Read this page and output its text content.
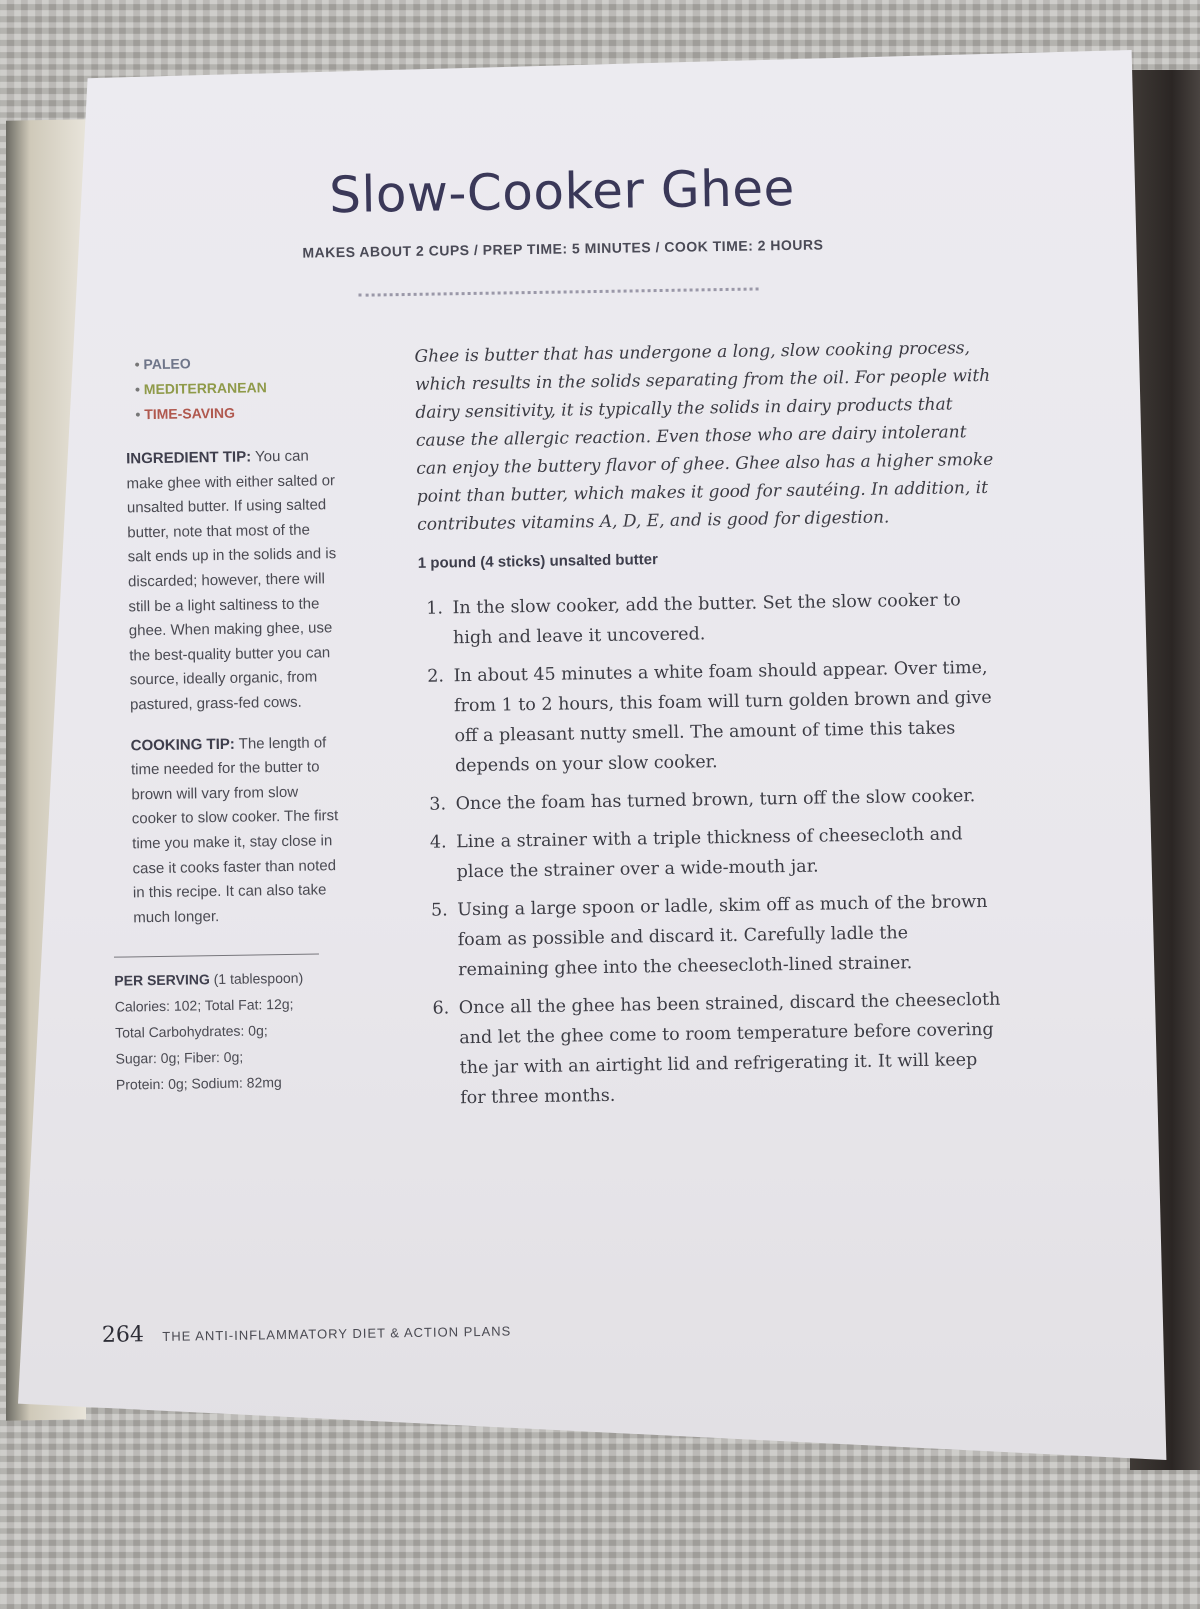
Slow-Cooker Ghee
MAKES ABOUT 2 CUPS / PREP TIME: 5 MINUTES / COOK TIME: 2 HOURS
• PALEO
• MEDITERRANEAN
• TIME-SAVING

INGREDIENT TIP: You can make ghee with either salted or unsalted butter. If using salted butter, note that most of the salt ends up in the solids and is discarded; however, there will still be a light saltiness to the ghee. When making ghee, use the best-quality butter you can source, ideally organic, from pastured, grass-fed cows.

COOKING TIP: The length of time needed for the butter to brown will vary from slow cooker to slow cooker. The first time you make it, stay close in case it cooks faster than noted in this recipe. It can also take much longer.

PER SERVING (1 tablespoon)
Calories: 102; Total Fat: 12g;
Total Carbohydrates: 0g;
Sugar: 0g; Fiber: 0g;
Protein: 0g; Sodium: 82mg

Ghee is butter that has undergone a long, slow cooking process, which results in the solids separating from the oil. For people with dairy sensitivity, it is typically the solids in dairy products that cause the allergic reaction. Even those who are dairy intolerant can enjoy the buttery flavor of ghee. Ghee also has a higher smoke point than butter, which makes it good for sautéing. In addition, it contributes vitamins A, D, E, and is good for digestion.

1 pound (4 sticks) unsalted butter

1. In the slow cooker, add the butter. Set the slow cooker to high and leave it uncovered.
2. In about 45 minutes a white foam should appear. Over time, from 1 to 2 hours, this foam will turn golden brown and give off a pleasant nutty smell. The amount of time this takes depends on your slow cooker.
3. Once the foam has turned brown, turn off the slow cooker.
4. Line a strainer with a triple thickness of cheesecloth and place the strainer over a wide-mouth jar.
5. Using a large spoon or ladle, skim off as much of the brown foam as possible and discard it. Carefully ladle the remaining ghee into the cheesecloth-lined strainer.
6. Once all the ghee has been strained, discard the cheesecloth and let the ghee come to room temperature before covering the jar with an airtight lid and refrigerating it. It will keep for three months.
264 THE ANTI-INFLAMMATORY DIET & ACTION PLANS
